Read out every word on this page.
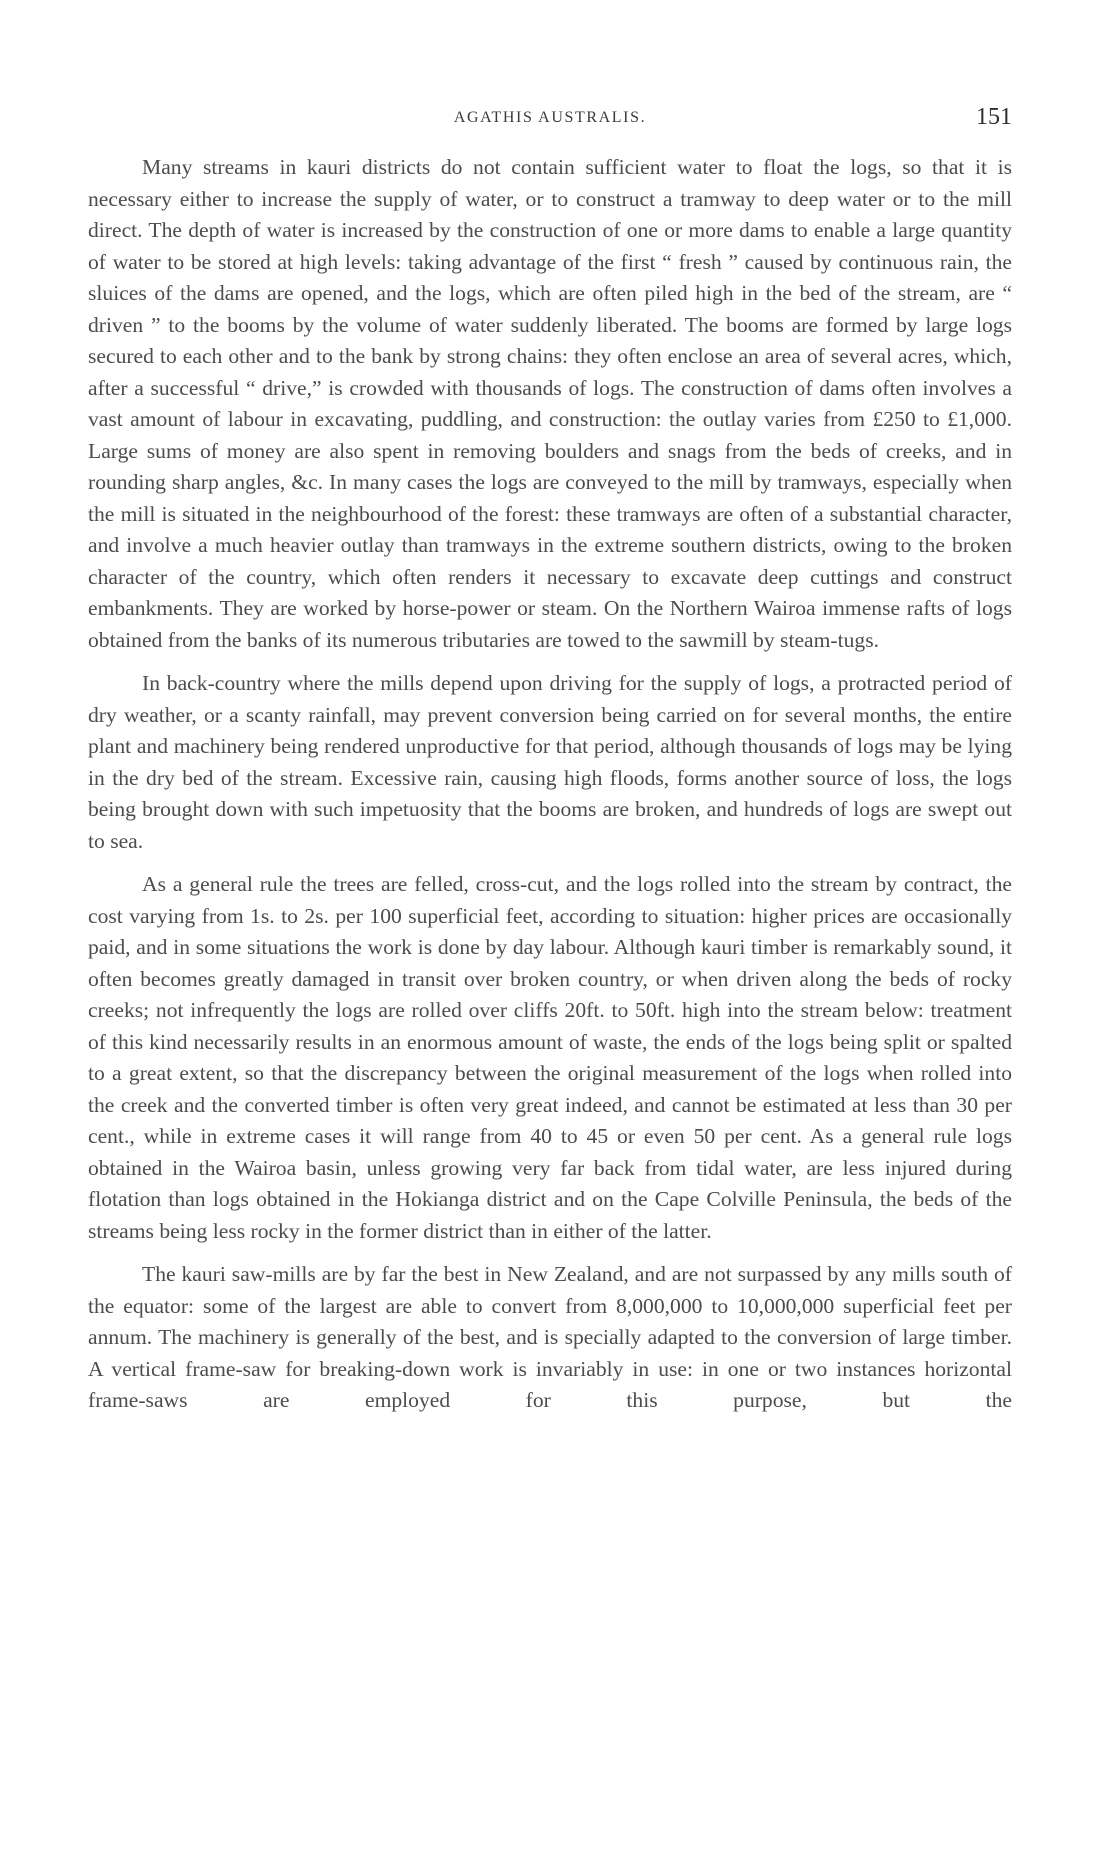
AGATHIS AUSTRALIS.	151

Many streams in kauri districts do not contain sufficient water to float the logs, so that it is necessary either to increase the supply of water, or to construct a tramway to deep water or to the mill direct. The depth of water is increased by the construction of one or more dams to enable a large quantity of water to be stored at high levels: taking advantage of the first “ fresh ” caused by continuous rain, the sluices of the dams are opened, and the logs, which are often piled high in the bed of the stream, are “ driven ” to the booms by the volume of water suddenly liberated. The booms are formed by large logs secured to each other and to the bank by strong chains: they often enclose an area of several acres, which, after a successful “ drive,” is crowded with thousands of logs. The construction of dams often involves a vast amount of labour in excavating, puddling, and construction: the outlay varies from £250 to £1,000. Large sums of money are also spent in removing boulders and snags from the beds of creeks, and in rounding sharp angles, &c. In many cases the logs are conveyed to the mill by tramways, especially when the mill is situated in the neighbourhood of the forest: these tramways are often of a substantial character, and involve a much heavier outlay than tramways in the extreme southern districts, owing to the broken character of the country, which often renders it necessary to excavate deep cuttings and construct embankments. They are worked by horse-power or steam. On the Northern Wairoa immense rafts of logs obtained from the banks of its numerous tributaries are towed to the sawmill by steam-tugs.

In back-country where the mills depend upon driving for the supply of logs, a protracted period of dry weather, or a scanty rainfall, may prevent conversion being carried on for several months, the entire plant and machinery being rendered unproductive for that period, although thousands of logs may be lying in the dry bed of the stream. Excessive rain, causing high floods, forms another source of loss, the logs being brought down with such impetuosity that the booms are broken, and hundreds of logs are swept out to sea.

As a general rule the trees are felled, cross-cut, and the logs rolled into the stream by contract, the cost varying from 1s. to 2s. per 100 superficial feet, according to situation: higher prices are occasionally paid, and in some situations the work is done by day labour. Although kauri timber is remarkably sound, it often becomes greatly damaged in transit over broken country, or when driven along the beds of rocky creeks; not infrequently the logs are rolled over cliffs 20ft. to 50ft. high into the stream below: treatment of this kind necessarily results in an enormous amount of waste, the ends of the logs being split or spalted to a great extent, so that the discrepancy between the original measurement of the logs when rolled into the creek and the converted timber is often very great indeed, and cannot be estimated at less than 30 per cent., while in extreme cases it will range from 40 to 45 or even 50 per cent. As a general rule logs obtained in the Wairoa basin, unless growing very far back from tidal water, are less injured during flotation than logs obtained in the Hokianga district and on the Cape Colville Peninsula, the beds of the streams being less rocky in the former district than in either of the latter.

The kauri saw-mills are by far the best in New Zealand, and are not surpassed by any mills south of the equator: some of the largest are able to convert from 8,000,000 to 10,000,000 superficial feet per annum. The machinery is generally of the best, and is specially adapted to the conversion of large timber. A vertical frame-saw for breaking-down work is invariably in use: in one or two instances horizontal frame-saws are employed for this purpose, but the
